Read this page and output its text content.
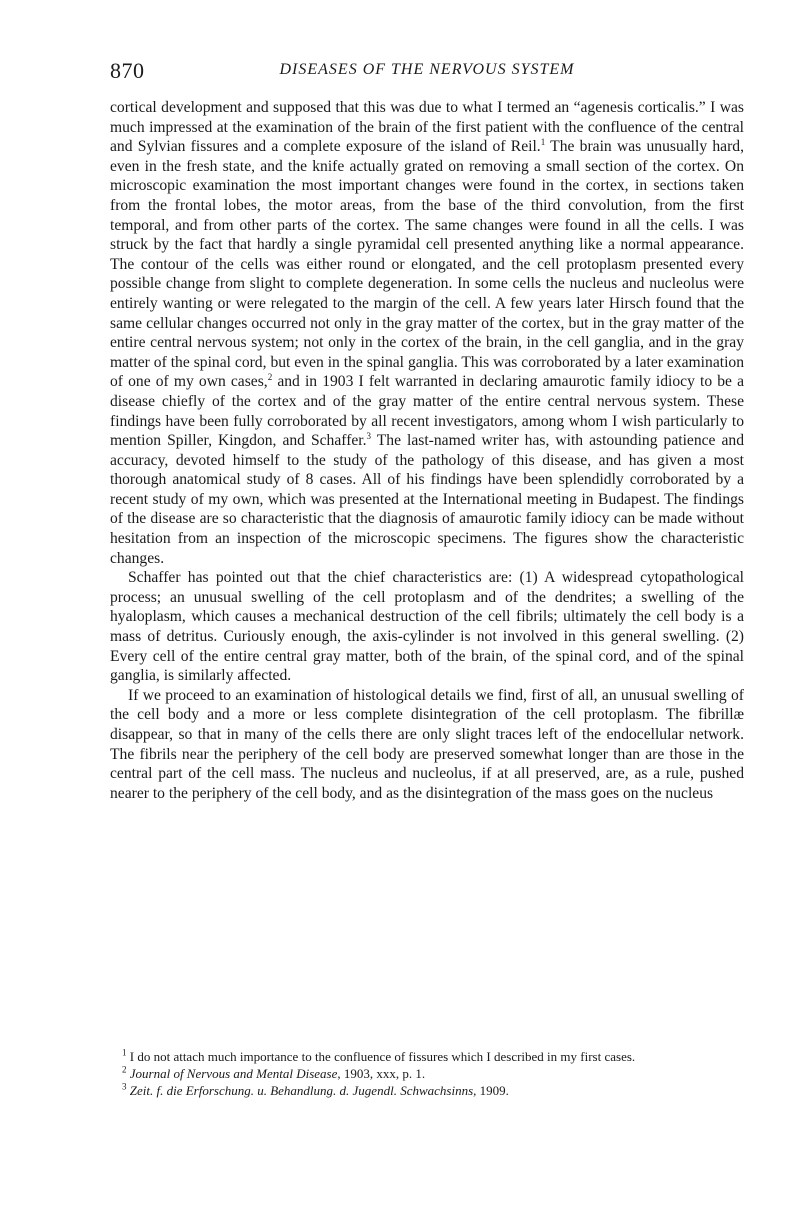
870	DISEASES OF THE NERVOUS SYSTEM

cortical development and supposed that this was due to what I termed an “agenesis corticalis.” I was much impressed at the examination of the brain of the first patient with the confluence of the central and Sylvian fissures and a complete exposure of the island of Reil.$^1$ The brain was unusually hard, even in the fresh state, and the knife actually grated on removing a small section of the cortex. On microscopic examination the most important changes were found in the cortex, in sections taken from the frontal lobes, the motor areas, from the base of the third convolution, from the first temporal, and from other parts of the cortex. The same changes were found in all the cells. I was struck by the fact that hardly a single pyramidal cell presented anything like a normal appearance. The contour of the cells was either round or elongated, and the cell protoplasm presented every possible change from slight to complete degeneration. In some cells the nucleus and nucleolus were entirely wanting or were relegated to the margin of the cell. A few years later Hirsch found that the same cellular changes occurred not only in the gray matter of the cortex, but in the gray matter of the entire central nervous system; not only in the cortex of the brain, in the cell ganglia, and in the gray matter of the spinal cord, but even in the spinal ganglia. This was corroborated by a later examination of one of my own cases,$^2$ and in 1903 I felt warranted in declaring amaurotic family idiocy to be a disease chiefly of the cortex and of the gray matter of the entire central nervous system. These findings have been fully corroborated by all recent investigators, among whom I wish particularly to mention Spiller, Kingdon, and Schaffer.$^3$ The last-named writer has, with astounding patience and accuracy, devoted himself to the study of the pathology of this disease, and has given a most thorough anatomical study of 8 cases. All of his findings have been splendidly corroborated by a recent study of my own, which was presented at the International meeting in Budapest. The findings of the disease are so characteristic that the diagnosis of amaurotic family idiocy can be made without hesitation from an inspection of the microscopic specimens. The figures show the characteristic changes.

Schaffer has pointed out that the chief characteristics are: (1) A widespread cytopathological process; an unusual swelling of the cell protoplasm and of the dendrites; a swelling of the hyaloplasm, which causes a mechanical destruction of the cell fibrils; ultimately the cell body is a mass of detritus. Curiously enough, the axis-cylinder is not involved in this general swelling. (2) Every cell of the entire central gray matter, both of the brain, of the spinal cord, and of the spinal ganglia, is similarly affected.

If we proceed to an examination of histological details we find, first of all, an unusual swelling of the cell body and a more or less complete disintegration of the cell protoplasm. The fibrillæ disappear, so that in many of the cells there are only slight traces left of the endocellular network. The fibrils near the periphery of the cell body are preserved somewhat longer than are those in the central part of the cell mass. The nucleus and nucleolus, if at all preserved, are, as a rule, pushed nearer to the periphery of the cell body, and as the disintegration of the mass goes on the nucleus

$^1$ I do not attach much importance to the confluence of fissures which I described in my first cases.

$^2$ Journal of Nervous and Mental Disease, 1903, xxx, p. 1.

$^3$ Zeit. f. die Erforschung. u. Behandlung. d. Jugendl. Schwachsinns, 1909.
